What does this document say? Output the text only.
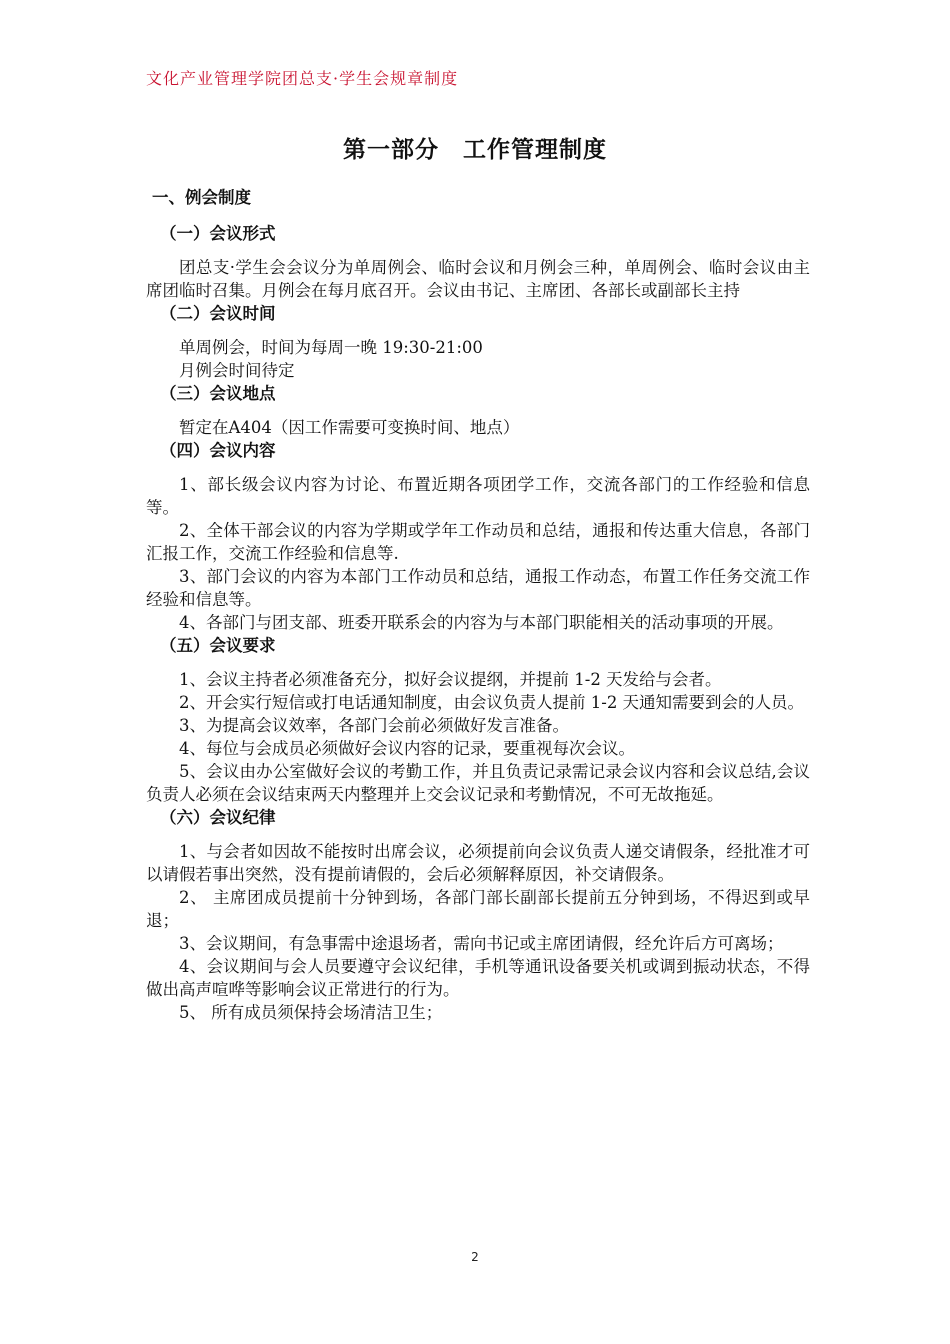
文化产业管理学院团总支·学生会规章制度
第一部分　工作管理制度
一、例会制度
（一）会议形式

团总支·学生会会议分为单周例会、临时会议和月例会三种，单周例会、临时会议由主席团临时召集。月例会在每月底召开。会议由书记、主席团、各部长或副部长主持

（二）会议时间

单周例会，时间为每周一晚 19:30-21:00

月例会时间待定

（三）会议地点

暂定在A404（因工作需要可变换时间、地点）

（四）会议内容

1、部长级会议内容为讨论、布置近期各项团学工作，交流各部门的工作经验和信息等。

2、全体干部会议的内容为学期或学年工作动员和总结，通报和传达重大信息，各部门汇报工作，交流工作经验和信息等.

3、部门会议的内容为本部门工作动员和总结，通报工作动态，布置工作任务交流工作经验和信息等。

4、各部门与团支部、班委开联系会的内容为与本部门职能相关的活动事项的开展。

（五）会议要求

1、会议主持者必须准备充分，拟好会议提纲，并提前 1-2 天发给与会者。

2、开会实行短信或打电话通知制度，由会议负责人提前 1-2 天通知需要到会的人员。

3、为提高会议效率，各部门会前必须做好发言准备。

4、每位与会成员必须做好会议内容的记录，要重视每次会议。

5、会议由办公室做好会议的考勤工作，并且负责记录需记录会议内容和会议总结,会议负责人必须在会议结束两天内整理并上交会议记录和考勤情况，不可无故拖延。

（六）会议纪律

1、与会者如因故不能按时出席会议，必须提前向会议负责人递交请假条，经批准才可以请假若事出突然，没有提前请假的，会后必须解释原因，补交请假条。

2、 主席团成员提前十分钟到场，各部门部长副部长提前五分钟到场，不得迟到或早退；

3、会议期间，有急事需中途退场者，需向书记或主席团请假，经允许后方可离场；

4、会议期间与会人员要遵守会议纪律，手机等通讯设备要关机或调到振动状态，不得做出高声喧哗等影响会议正常进行的行为。

5、 所有成员须保持会场清洁卫生；

2
